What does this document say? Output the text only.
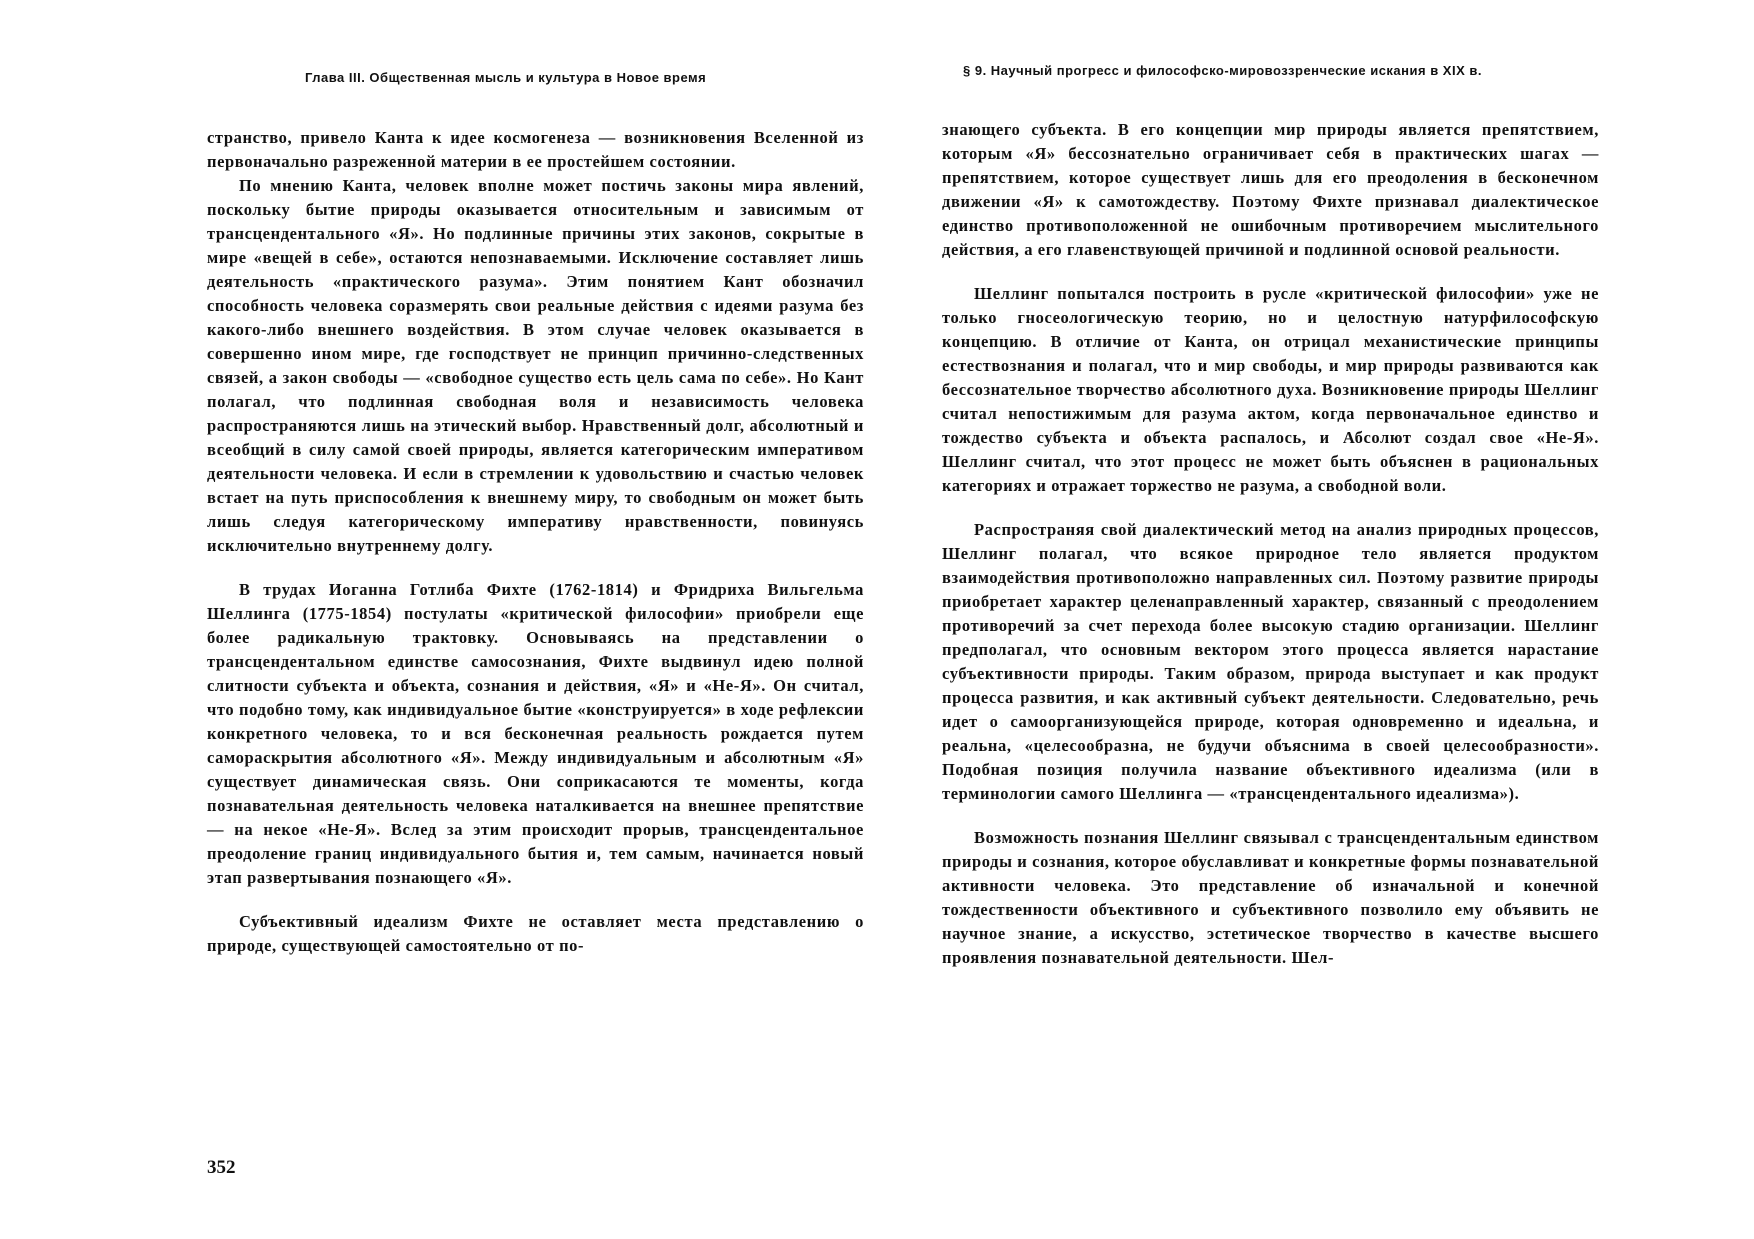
Глава III. Общественная мысль и культура в Новое время	§ 9. Научный прогресс и философско-мировоззренческие искания в XIX в.

странство, привело Канта к идее космогенеза — возникновения Вселенной из первоначально разреженной материи в ее простейшем состоянии.

По мнению Канта, человек вполне может постичь законы мира явлений, поскольку бытие природы оказывается относительным и зависимым от трансцендентального «Я». Но подлинные причины этих законов, сокрытые в мире «вещей в себе», остаются непознаваемыми. Исключение составляет лишь деятельность «практического разума». Этим понятием Кант обозначил способность человека соразмерять свои реальные действия с идеями разума без какого-либо внешнего воздействия. В этом случае человек оказывается в совершенно ином мире, где господствует не принцип причинно-следственных связей, а закон свободы — «свободное существо есть цель сама по себе». Но Кант полагал, что подлинная свободная воля и независимость человека распространяются лишь на этический выбор. Нравственный долг, абсолютный и всеобщий в силу самой своей природы, является категорическим императивом деятельности человека. И если в стремлении к удовольствию и счастью человек встает на путь приспособления к внешнему миру, то свободным он может быть лишь следуя категорическому императиву нравственности, повинуясь исключительно внутреннему долгу.

В трудах Иоганна Готлиба Фихте (1762-1814) и Фридриха Вильгельма Шеллинга (1775-1854) постулаты «критической философии» приобрели еще более радикальную трактовку. Основываясь на представлении о трансцендентальном единстве самосознания, Фихте выдвинул идею полной слитности субъекта и объекта, сознания и действия, «Я» и «Не-Я». Он считал, что подобно тому, как индивидуальное бытие «конструируется» в ходе рефлексии конкретного человека, то и вся бесконечная реальность рождается путем самораскрытия абсолютного «Я». Между индивидуальным и абсолютным «Я» существует динамическая связь. Они соприкасаются те моменты, когда познавательная деятельность человека наталкивается на внешнее препятствие — на некое «Не-Я». Вслед за этим происходит прорыв, трансцендентальное преодоление границ индивидуального бытия и, тем самым, начинается новый этап развертывания познающего «Я».

Субъективный идеализм Фихте не оставляет места представлению о природе, существующей самостоятельно от по-

знающего субъекта. В его концепции мир природы является препятствием, которым «Я» бессознательно ограничивает себя в практических шагах — препятствием, которое существует лишь для его преодоления в бесконечном движении «Я» к самотождеству. Поэтому Фихте признавал диалектическое единство противоположенной не ошибочным противоречием мыслительного действия, а его главенствующей причиной и подлинной основой реальности.

Шеллинг попытался построить в русле «критической философии» уже не только гносеологическую теорию, но и целостную натурфилософскую концепцию. В отличие от Канта, он отрицал механистические принципы естествознания и полагал, что и мир свободы, и мир природы развиваются как бессознательное творчество абсолютного духа. Возникновение природы Шеллинг считал непостижимым для разума актом, когда первоначальное единство и тождество субъекта и объекта распалось, и Абсолют создал свое «Не-Я». Шеллинг считал, что этот процесс не может быть объяснен в рациональных категориях и отражает торжество не разума, а свободной воли.

Распространяя свой диалектический метод на анализ природных процессов, Шеллинг полагал, что всякое природное тело является продуктом взаимодействия противоположно направленных сил. Поэтому развитие природы приобретает характер целенаправленный характер, связанный с преодолением противоречий за счет перехода более высокую стадию организации. Шеллинг предполагал, что основным вектором этого процесса является нарастание субъективности природы. Таким образом, природа выступает и как продукт процесса развития, и как активный субъект деятельности. Следовательно, речь идет о самоорганизующейся природе, которая одновременно и идеальна, и реальна, «целесообразна, не будучи объяснима в своей целесообразности». Подобная позиция получила название объективного идеализма (или в терминологии самого Шеллинга — «трансцендентального идеализма»).

Возможность познания Шеллинг связывал с трансцендентальным единством природы и сознания, которое обуславливат и конкретные формы познавательной активности человека. Это представление об изначальной и конечной тождественности объективного и субъективного позволило ему объявить не научное знание, а искусство, эстетическое творчество в качестве высшего проявления познавательной деятельности. Шел-

352
